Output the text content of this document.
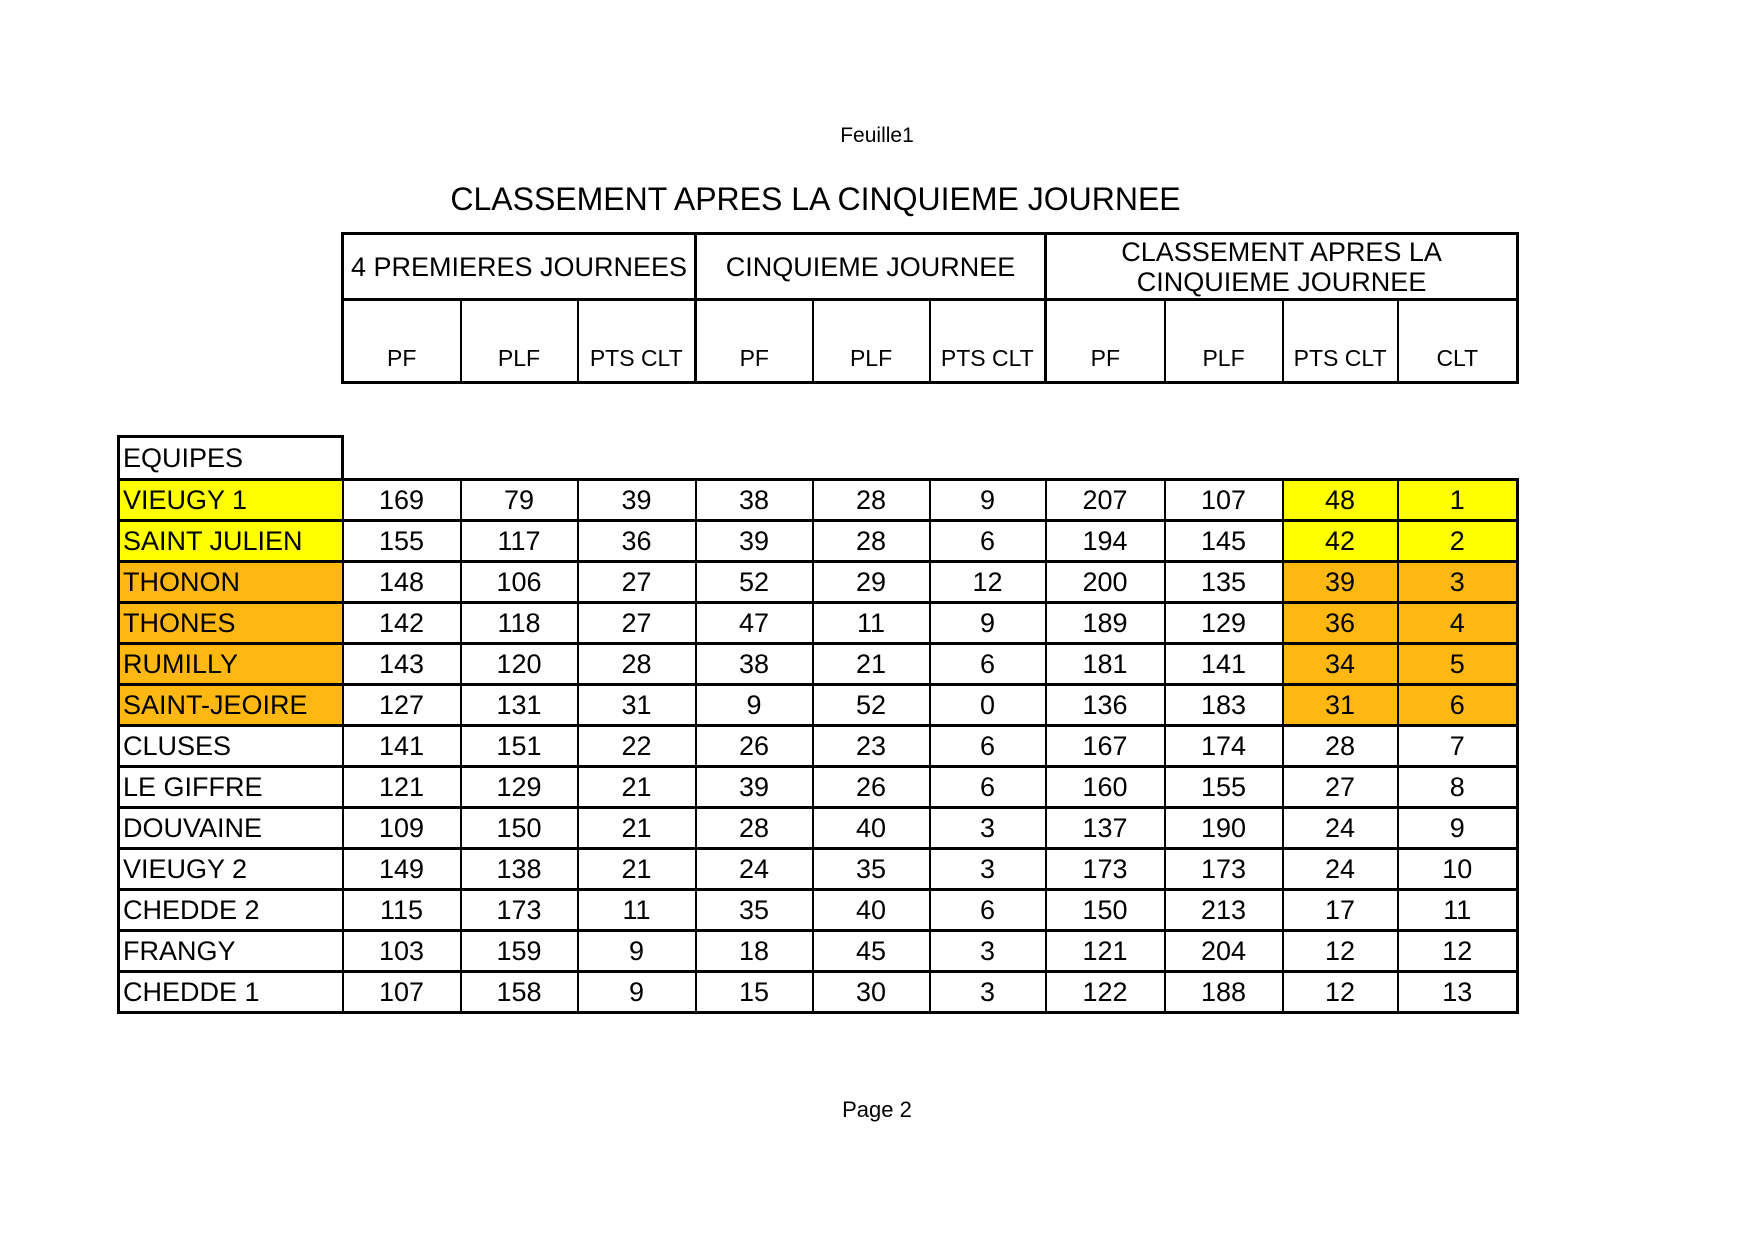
Feuille1
CLASSEMENT APRES LA CINQUIEME JOURNEE
4 PREMIERES JOURNEES			CINQUIEME JOURNEE			CLASSEMENT APRES LA CINQUIEME JOURNEE			

PF	PLF	PTS CLT	PF	PLF	PTS CLT	PF	PLF	PTS CLT	CLT
EQUIPES										
VIEUGY 1	169	79	39	38	28	9	207	107	48	1
SAINT JULIEN	155	117	36	39	28	6	194	145	42	2
THONON	148	106	27	52	29	12	200	135	39	3
THONES	142	118	27	47	11	9	189	129	36	4
RUMILLY	143	120	28	38	21	6	181	141	34	5
SAINT-JEOIRE	127	131	31	9	52	0	136	183	31	6
CLUSES	141	151	22	26	23	6	167	174	28	7
LE GIFFRE	121	129	21	39	26	6	160	155	27	8
DOUVAINE	109	150	21	28	40	3	137	190	24	9
VIEUGY 2	149	138	21	24	35	3	173	173	24	10
CHEDDE 2	115	173	11	35	40	6	150	213	17	11
FRANGY	103	159	9	18	45	3	121	204	12	12
CHEDDE 1	107	158	9	15	30	3	122	188	12	13
Page 2
